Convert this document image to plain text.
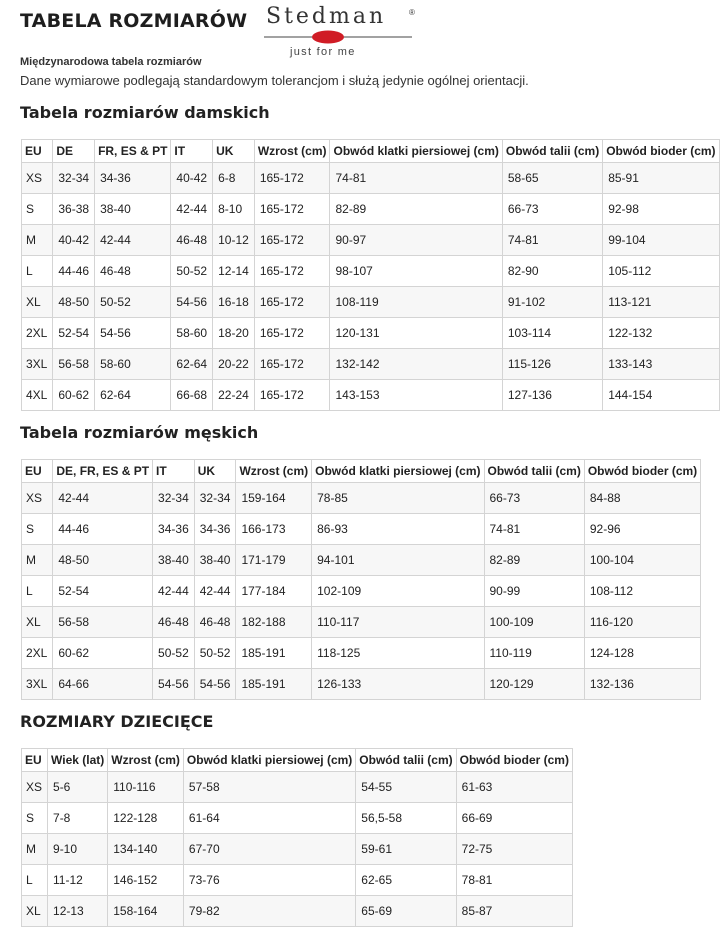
TABELA ROZMIARÓW Stedman	®
just for me
Międzynarodowa tabela rozmiarów
Dane wymiarowe podlegają standardowym tolerancjom i służą jedynie ogólnej orientacji.
Tabela rozmiarów damskich
EU	DE	FR, ES & PT	IT	UK	Wzrost (cm)	Obwód klatki piersiowej (cm)	Obwód talii (cm)	Obwód bioder (cm)
XS	32-34	34-36	40-42	6-8	165-172	74-81	58-65	85-91
S	36-38	38-40	42-44	8-10	165-172	82-89	66-73	92-98
M	40-42	42-44	46-48	10-12	165-172	90-97	74-81	99-104
L	44-46	46-48	50-52	12-14	165-172	98-107	82-90	105-112
XL	48-50	50-52	54-56	16-18	165-172	108-119	91-102	113-121
2XL	52-54	54-56	58-60	18-20	165-172	120-131	103-114	122-132
3XL	56-58	58-60	62-64	20-22	165-172	132-142	115-126	133-143
4XL	60-62	62-64	66-68	22-24	165-172	143-153	127-136	144-154
Tabela rozmiarów męskich
EU	DE, FR, ES & PT	IT	UK	Wzrost (cm)	Obwód klatki piersiowej (cm)	Obwód talii (cm)	Obwód bioder (cm)
XS	42-44	32-34	32-34	159-164	78-85	66-73	84-88
S	44-46	34-36	34-36	166-173	86-93	74-81	92-96
M	48-50	38-40	38-40	171-179	94-101	82-89	100-104
L	52-54	42-44	42-44	177-184	102-109	90-99	108-112
XL	56-58	46-48	46-48	182-188	110-117	100-109	116-120
2XL	60-62	50-52	50-52	185-191	118-125	110-119	124-128
3XL	64-66	54-56	54-56	185-191	126-133	120-129	132-136
ROZMIARY DZIECIĘCE
EU	Wiek (lat)	Wzrost (cm)	Obwód klatki piersiowej (cm)	Obwód talii (cm)	Obwód bioder (cm)
XS	5-6	110-116	57-58	54-55	61-63
S	7-8	122-128	61-64	56,5-58	66-69
M	9-10	134-140	67-70	59-61	72-75
L	11-12	146-152	73-76	62-65	78-81
XL	12-13	158-164	79-82	65-69	85-87
